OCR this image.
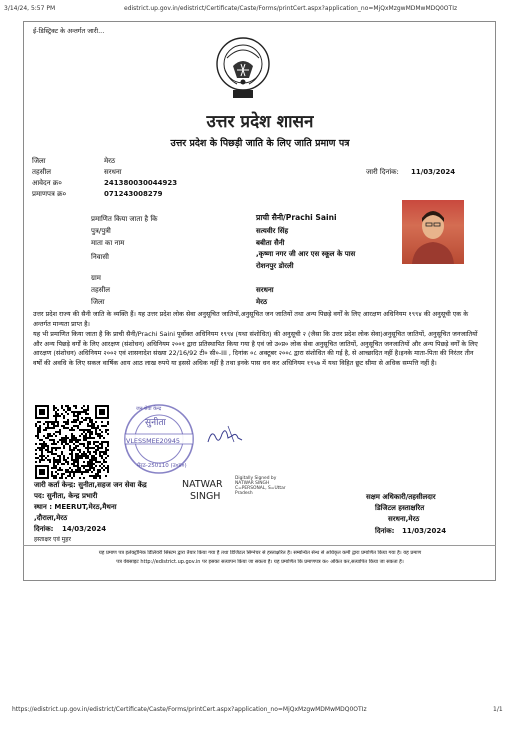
3/14/24, 5:57 PM	edistrict.up.gov.in/edistrict/Certificate/Caste/Forms/printCert.aspx?application_no=MjQxMzgwMDMwMDQ0OTIz
ई-डिस्ट्रिक्ट के अन्तर्गत जारी...
उत्तर प्रदेश शासन
उत्तर प्रदेश के पिछड़ी जाति के लिए जाति प्रमाण पत्र
जिला	मेरठ
तहसील	सरधना
आवेदन क्र०	241380030044923
प्रमाणपत्र क्र०	071243008279
जारी दिनांक: 11/03/2024
प्रमाणित किया जाता है कि	प्राची सैनी/Prachi Saini
पुत्र/पुत्री	सत्यवीर सिंह
माता का नाम	बबीता सैनी
निवासी	,कृष्णा नगर जी आर एस स्कूल के पास
रोशनपुर डोरली
ग्राम
तहसील	सरधना
जिला	मेरठ
उत्तर प्रदेश राज्य की सैनी जाति के व्यक्ति हैं। यह उत्तर प्रदेश लोक सेवा अनुसूचित जातियों,अनुसूचित जन जातियों तथा अन्य पिछड़े वर्गों के लिए आरक्षण अधिनियम १९९४ की अनुसूची एक के अन्तर्गत मान्यता प्राप्त है।
यह भी प्रमाणित किया जाता है कि प्राची सैनी/Prachi Saini पूर्वोक्त अधिनियम १९९४ (यथा संशोधित) की अनुसूची २ (जैसा कि उत्तर प्रदेश लोक सेवा)अनुसूचित जातियों, अनुसूचित जनजातियों और अन्य पिछड़े वर्गों के लिए आरक्षण (संशोधन) अधिनियम २००१ द्वारा प्रतिस्थापित किया गया है एवं जो उ०प्र० लोक सेवा अनुसूचित जातियों, अनुसूचित जनजातियों और अन्य पिछड़े वर्गों के लिए आरक्षण (संशोधन) अधिनियम २००२ एवं शासनादेश संख्या 22/16/92 टी० सी०-III , दिनांक ०८ अक्टूबर २००८ द्वारा संशोधित की गई है, से आच्छादित नहीं है।इनके माता-पिता की निरंतर तीन वर्षों की अवधि के लिए सकल वार्षिक आय आठ लाख रुपये या इससे अधिक नहीं है तथा इनके पास धन कर अधिनियम १९५७ में यथा विहित छूट सीमा से अधिक सम्पत्ति नहीं है।
सुनीता
VLESSMEE20945
जन सेवा केन्द्र
मेरठ-250110 (उ०प्र०)
जारी कर्ता केन्द्र: सुनीता,सहज जन सेवा केंद्र
पद: सुनीता, केन्द्र प्रभारी
स्थान : MEERUT,मेरठ,मैथना
,दौराला,मेरठ
दिनांक: 14/03/2024
हस्ताक्षर एवं मुहर
NATWAR
SINGH
Digitally Signed by
NATWAR SINGH
C=PERSONAL, S=Uttar
Pradesh	सक्षम अधिकारी/तहसीलदार
डिजिटल हस्ताक्षरित
सरधना,मेरठ
दिनांक: 11/03/2024
यह प्रमाण पत्र इलेक्ट्रॉनिक डिलिवरी सिस्टम द्वारा तैयार किया गया है तथा डिजिटल सिग्नेचर से हस्ताक्षरित है। सम्बन्धित सेन्ध से अधिकृत कर्मी द्वारा प्रमाणित किया गया है। यह प्रमाण
पत्र वेबसाइट http://edistrict.up.gov.in पर इसका सत्यापन किया जा सकता है। यह प्रमाणित कि प्रमाणपत्र क० अंकित कर,सत्यापित किया जा सकता है।
https://edistrict.up.gov.in/edistrict/Certificate/Caste/Forms/printCert.aspx?application_no=MjQxMzgwMDMwMDQ0OTIz	1/1
